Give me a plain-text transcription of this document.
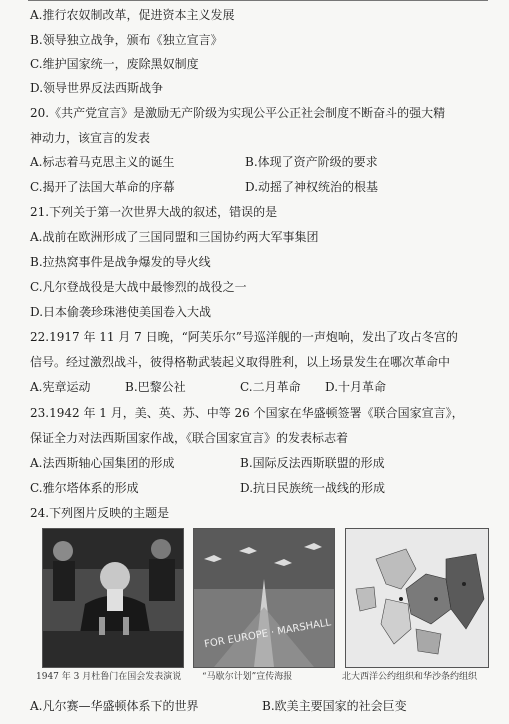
A.推行农奴制改革，促进资本主义发展
B.领导独立战争，颁布《独立宣言》
C.维护国家统一，废除黑奴制度
D.领导世界反法西斯战争
20.《共产党宣言》是激励无产阶级为实现公平公正社会制度不断奋斗的强大精
神动力，该宣言的发表
A.标志着马克思主义的诞生	B.体现了资产阶级的要求
C.揭开了法国大革命的序幕	D.动摇了神权统治的根基
21.下列关于第一次世界大战的叙述，错误的是
A.战前在欧洲形成了三国同盟和三国协约两大军事集团
B.拉热窝事件是战争爆发的导火线
C.凡尔登战役是大战中最惨烈的战役之一
D.日本偷袭珍珠港使美国卷入大战
22.1917 年 11 月 7 日晚，“阿芙乐尔”号巡洋舰的一声炮响，发出了攻占冬宫的
信号。经过激烈战斗，彼得格勒武装起义取得胜利，以上场景发生在哪次革命中
A.宪章运动	B.巴黎公社	C.二月革命 D.十月革命
23.1942 年 1 月，美、英、苏、中等 26 个国家在华盛顿签署《联合国家宣言》，
保证全力对法西斯国家作战，《联合国家宣言》的发表标志着
A.法西斯轴心国集团的形成	B.国际反法西斯联盟的形成
C.雅尔塔体系的形成	D.抗日民族统一战线的形成
24.下列图片反映的主题是
1947 年 3 月杜鲁门在国会发表演说
FOR EUROPE · MARSHALL
“马歇尔计划”宣传海报	北大西洋公约组织和华沙条约组织
A.凡尔赛—华盛顿体系下的世界	B.欧美主要国家的社会巨变
